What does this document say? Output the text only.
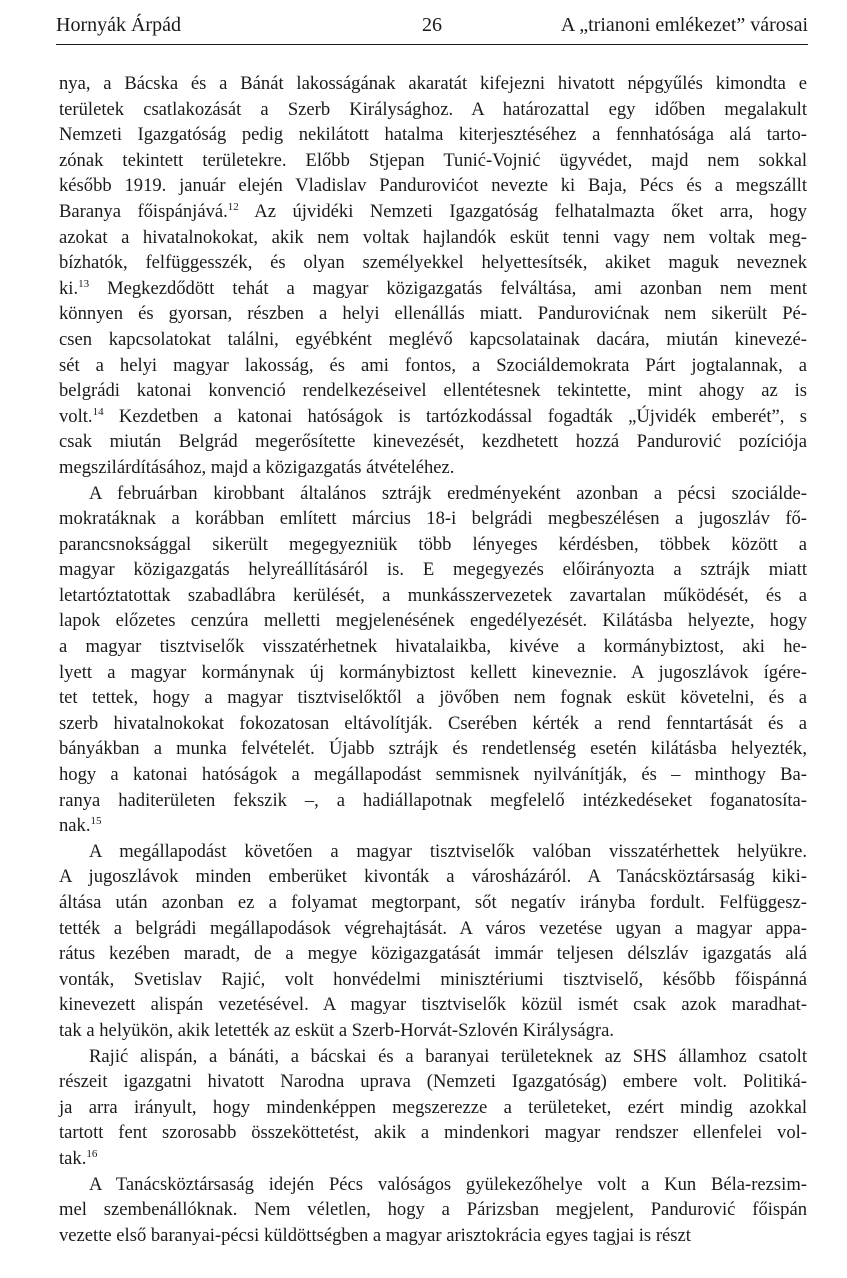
Hornyák Árpád	26	A „trianoni emlékezet” városai
nya, a Bácska és a Bánát lakosságának akaratát kifejezni hivatott népgyűlés kimondta e
területek csatlakozását a Szerb Királysághoz. A határozattal egy időben megalakult
Nemzeti Igazgatóság pedig nekilátott hatalma kiterjesztéséhez a fennhatósága alá tarto-
zónak tekintett területekre. Előbb Stjepan Tunić-Vojnić ügyvédet, majd nem sokkal
később 1919. január elején Vladislav Pandurovićot nevezte ki Baja, Pécs és a megszállt
Baranya főispánjává.$^{12}$ Az újvidéki Nemzeti Igazgatóság felhatalmazta őket arra, hogy
azokat a hivatalnokokat, akik nem voltak hajlandók esküt tenni vagy nem voltak meg-
bízhatók, felfüggesszék, és olyan személyekkel helyettesítsék, akiket maguk neveznek
ki.$^{13}$ Megkezdődött tehát a magyar közigazgatás felváltása, ami azonban nem ment
könnyen és gyorsan, részben a helyi ellenállás miatt. Pandurovićnak nem sikerült Pé-
csen kapcsolatokat találni, egyébként meglévő kapcsolatainak dacára, miután kinevezé-
sét a helyi magyar lakosság, és ami fontos, a Szociáldemokrata Párt jogtalannak, a
belgrádi katonai konvenció rendelkezéseivel ellentétesnek tekintette, mint ahogy az is
volt.$^{14}$ Kezdetben a katonai hatóságok is tartózkodással fogadták „Újvidék emberét”, s
csak miután Belgrád megerősítette kinevezését, kezdhetett hozzá Pandurović pozíciója
megszilárdításához, majd a közigazgatás átvételéhez.
A februárban kirobbant általános sztrájk eredményeként azonban a pécsi szociálde-
mokratáknak a korábban említett március 18-i belgrádi megbeszélésen a jugoszláv fő-
parancsnoksággal sikerült megegyezniük több lényeges kérdésben, többek között a
magyar közigazgatás helyreállításáról is. E megegyezés előirányozta a sztrájk miatt
letartóztatottak szabadlábra kerülését, a munkásszervezetek zavartalan működését, és a
lapok előzetes cenzúra melletti megjelenésének engedélyezését. Kilátásba helyezte, hogy
a magyar tisztviselők visszatérhetnek hivatalaikba, kivéve a kormánybiztost, aki he-
lyett a magyar kormánynak új kormánybiztost kellett kineveznie. A jugoszlávok ígére-
tet tettek, hogy a magyar tisztviselőktől a jövőben nem fognak esküt követelni, és a
szerb hivatalnokokat fokozatosan eltávolítják. Cserében kérték a rend fenntartását és a
bányákban a munka felvételét. Újabb sztrájk és rendetlenség esetén kilátásba helyezték,
hogy a katonai hatóságok a megállapodást semmisnek nyilvánítják, és – minthogy Ba-
ranya haditerületen fekszik –, a hadiállapotnak megfelelő intézkedéseket foganatosíta-
nak.$^{15}$
A megállapodást követően a magyar tisztviselők valóban visszatérhettek helyükre.
A jugoszlávok minden emberüket kivonták a városházáról. A Tanácsköztársaság kiki-
áltása után azonban ez a folyamat megtorpant, sőt negatív irányba fordult. Felfüggesz-
tették a belgrádi megállapodások végrehajtását. A város vezetése ugyan a magyar appa-
rátus kezében maradt, de a megye közigazgatását immár teljesen délszláv igazgatás alá
vonták, Svetislav Rajić, volt honvédelmi minisztériumi tisztviselő, később főispánná
kinevezett alispán vezetésével. A magyar tisztviselők közül ismét csak azok maradhat-
tak a helyükön, akik letették az esküt a Szerb-Horvát-Szlovén Királyságra.
Rajić alispán, a bánáti, a bácskai és a baranyai területeknek az SHS államhoz csatolt
részeit igazgatni hivatott Narodna uprava (Nemzeti Igazgatóság) embere volt. Politiká-
ja arra irányult, hogy mindenképpen megszerezze a területeket, ezért mindig azokkal
tartott fent szorosabb összeköttetést, akik a mindenkori magyar rendszer ellenfelei vol-
tak.$^{16}$
A Tanácsköztársaság idején Pécs valóságos gyülekezőhelye volt a Kun Béla-rezsim-
mel szembenállóknak. Nem véletlen, hogy a Párizsban megjelent, Pandurović főispán
vezette első baranyai-pécsi küldöttségben a magyar arisztokrácia egyes tagjai is részt
